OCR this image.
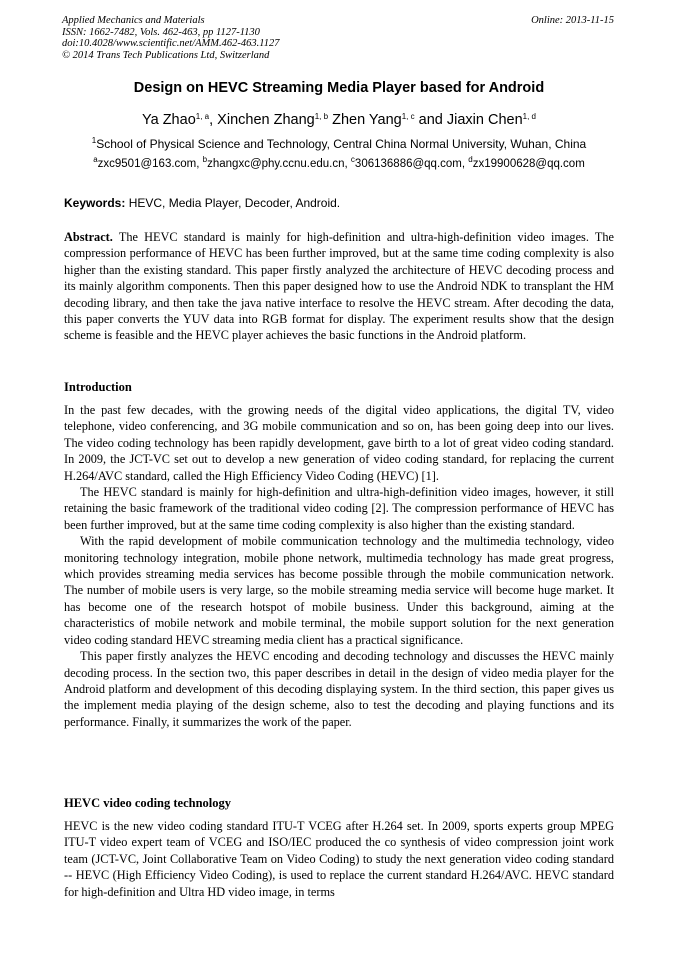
Applied Mechanics and Materials
ISSN: 1662-7482, Vols. 462-463, pp 1127-1130
doi:10.4028/www.scientific.net/AMM.462-463.1127
© 2014 Trans Tech Publications Ltd, Switzerland
Online: 2013-11-15
Design on HEVC Streaming Media Player based for Android
Ya Zhao$^{1, a}$, Xinchen Zhang$^{1, b}$ Zhen Yang$^{1, c}$ and Jiaxin Chen$^{1, d}$
$^1$School of Physical Science and Technology, Central China Normal University, Wuhan, China
$^a$zxc9501@163.com, $^b$zhangxc@phy.ccnu.edu.cn, $^c$306136886@qq.com, $^d$zx19900628@qq.com
Keywords: HEVC, Media Player, Decoder, Android.
Abstract. The HEVC standard is mainly for high-definition and ultra-high-definition video images. The compression performance of HEVC has been further improved, but at the same time coding complexity is also higher than the existing standard. This paper firstly analyzed the architecture of HEVC decoding process and its mainly algorithm components. Then this paper designed how to use the Android NDK to transplant the HM decoding library, and then take the java native interface to resolve the HEVC stream. After decoding the data, this paper converts the YUV data into RGB format for display. The experiment results show that the design scheme is feasible and the HEVC player achieves the basic functions in the Android platform.
Introduction

In the past few decades, with the growing needs of the digital video applications, the digital TV, video telephone, video conferencing, and 3G mobile communication and so on, has been going deep into our lives. The video coding technology has been rapidly development, gave birth to a lot of great video coding standard. In 2009, the JCT-VC set out to develop a new generation of video coding standard, for replacing the current H.264/AVC standard, called the High Efficiency Video Coding (HEVC) [1].

The HEVC standard is mainly for high-definition and ultra-high-definition video images, however, it still retaining the basic framework of the traditional video coding [2]. The compression performance of HEVC has been further improved, but at the same time coding complexity is also higher than the existing standard.

With the rapid development of mobile communication technology and the multimedia technology, video monitoring technology integration, mobile phone network, multimedia technology has made great progress, which provides streaming media services has become possible through the mobile communication network. The number of mobile users is very large, so the mobile streaming media service will become huge market. It has become one of the research hotspot of mobile business. Under this background, aiming at the characteristics of mobile network and mobile terminal, the mobile support solution for the next generation video coding standard HEVC streaming media client has a practical significance.

This paper firstly analyzes the HEVC encoding and decoding technology and discusses the HEVC mainly decoding process. In the section two, this paper describes in detail in the design of video media player for the Android platform and development of this decoding displaying system. In the third section, this paper gives us the implement media playing of the design scheme, also to test the decoding and playing functions and its performance. Finally, it summarizes the work of the paper.

HEVC video coding technology

HEVC is the new video coding standard ITU-T VCEG after H.264 set. In 2009, sports experts group MPEG ITU-T video expert team of VCEG and ISO/IEC produced the co synthesis of video compression joint work team (JCT-VC, Joint Collaborative Team on Video Coding) to study the next generation video coding standard -- HEVC (High Efficiency Video Coding), is used to replace the current standard H.264/AVC. HEVC standard for high-definition and Ultra HD video image, in terms
